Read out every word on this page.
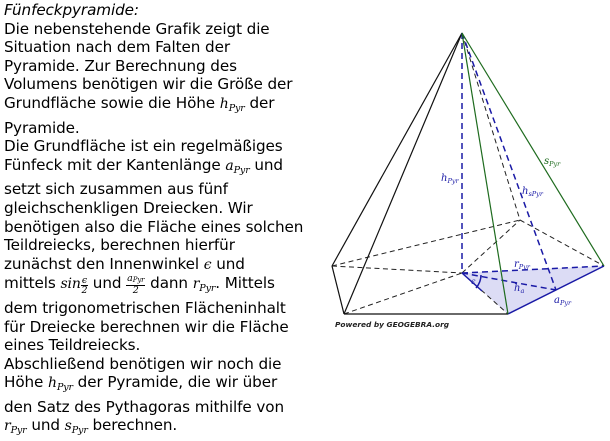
Fünfeckpyramide:
Die nebenstehende Grafik zeigt die
Situation nach dem Falten der
Pyramide. Zur Berechnung des
Volumens benötigen wir die Größe der
Grundfläche sowie die Höhe $h_{Pyr}$ der
Pyramide.
Die Grundfläche ist ein regelmäßiges
Fünfeck mit der Kantenlänge $a_{Pyr}$ und
setzt sich zusammen aus fünf
gleichschenkligen Dreiecken. Wir
benötigen also die Fläche eines solchen
Teildreiecks, berechnen hierfür
zunächst den Innenwinkel ϵ und
mittels $\sin \frac{\epsilon}{2}$ und $\frac{\text{aPyr}}{2}$ dann $r_{Pyr}$. Mittels
dem trigonometrischen Flächeninhalt
für Dreiecke berechnen wir die Fläche
eines Teildreiecks.
Abschließend benötigen wir noch die
Höhe $h_{Pyr}$ der Pyramide, die wir über
den Satz des Pythagoras mithilfe von
$r_{Pyr}$ und $s_{Pyr}$ berechnen.
$h_{Pyr}$
$s_{Pyr}$
$h_{sPyr}$
$r_{Pyr}$
$h_a$
$a_{Pyr}$
ϵ
Powered by GEOGEBRA.org
